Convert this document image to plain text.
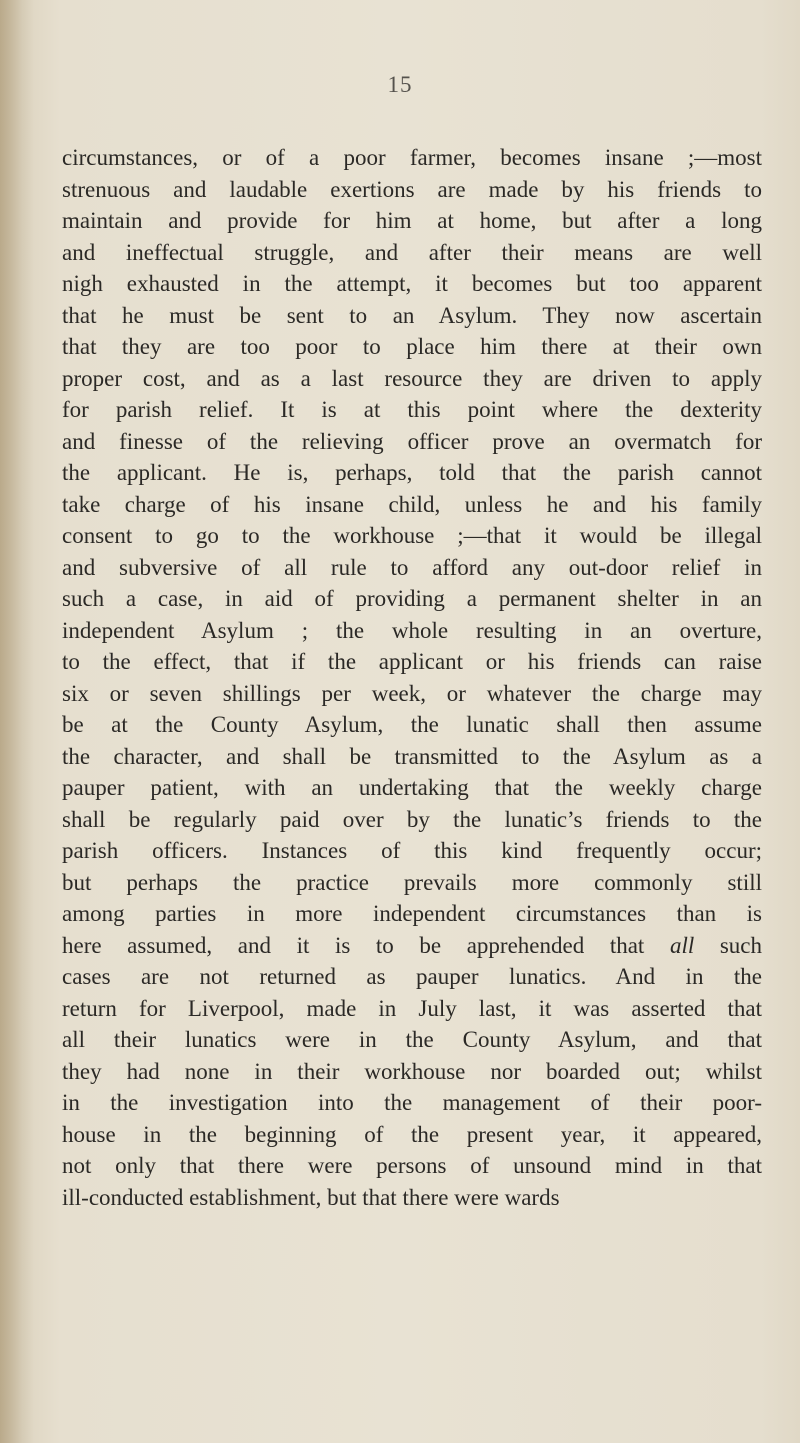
15
circumstances, or of a poor farmer, becomes insane ;—most
strenuous and laudable exertions are made by his friends to
maintain and provide for him at home, but after a long
and ineffectual struggle, and after their means are well
nigh exhausted in the attempt, it becomes but too apparent
that he must be sent to an Asylum. They now ascertain
that they are too poor to place him there at their own
proper cost, and as a last resource they are driven to apply
for parish relief. It is at this point where the dexterity
and finesse of the relieving officer prove an overmatch for
the applicant. He is, perhaps, told that the parish cannot
take charge of his insane child, unless he and his family
consent to go to the workhouse ;—that it would be illegal
and subversive of all rule to afford any out-door relief in
such a case, in aid of providing a permanent shelter in an
independent Asylum ; the whole resulting in an overture,
to the effect, that if the applicant or his friends can raise
six or seven shillings per week, or whatever the charge may
be at the County Asylum, the lunatic shall then assume
the character, and shall be transmitted to the Asylum as a
pauper patient, with an undertaking that the weekly charge
shall be regularly paid over by the lunatic’s friends to the
parish officers. Instances of this kind frequently occur;
but perhaps the practice prevails more commonly still
among parties in more independent circumstances than is
here assumed, and it is to be apprehended that all such
cases are not returned as pauper lunatics. And in the
return for Liverpool, made in July last, it was asserted that
all their lunatics were in the County Asylum, and that
they had none in their workhouse nor boarded out; whilst
in the investigation into the management of their poor-
house in the beginning of the present year, it appeared,
not only that there were persons of unsound mind in that
ill-conducted establishment, but that there were wards
